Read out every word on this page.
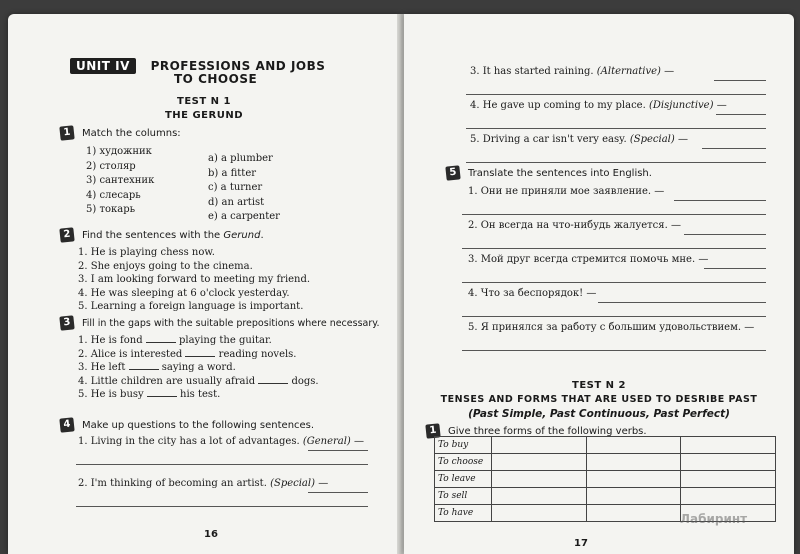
UNIT IV PROFESSIONS AND JOBS
TO CHOOSE
TEST N 1
THE GERUND
1	Match the columns:
1) художник
2) столяр
3) сантехник
4) слесарь
5) токарь
a) a plumber
b) a fitter
c) a turner
d) an artist
e) a carpenter
2	Find the sentences with the Gerund.
1. He is playing chess now.
2. She enjoys going to the cinema.
3. I am looking forward to meeting my friend.
4. He was sleeping at 6 o'clock yesterday.
5. Learning a foreign language is important.
3	Fill in the gaps with the suitable prepositions where necessary.
1. He is fond	playing the guitar.
2. Alice is interested	reading novels.
3. He left	saying a word.
4. Little children are usually afraid	dogs.
5. He is busy	his test.
4	Make up questions to the following sentences.
1. Living in the city has a lot of advantages. (General) —
2. I'm thinking of becoming an artist. (Special) —
16
3. It has started raining. (Alternative) —
4. He gave up coming to my place. (Disjunctive) —
5. Driving a car isn't very easy. (Special) —
5	Translate the sentences into English.
1. Они не приняли мое заявление. —
2. Он всегда на что-нибудь жалуется. —
3. Мой друг всегда стремится помочь мне. —
4. Что за беспорядок! —
5. Я принялся за работу с большим удовольствием. —
TEST N 2
TENSES AND FORMS THAT ARE USED TO DESRIBE PAST
(Past Simple, Past Continuous, Past Perfect)
1	Give three forms of the following verbs.
To buy			
To choose			
To leave			
To sell			
To have			
17
Лабиринт
